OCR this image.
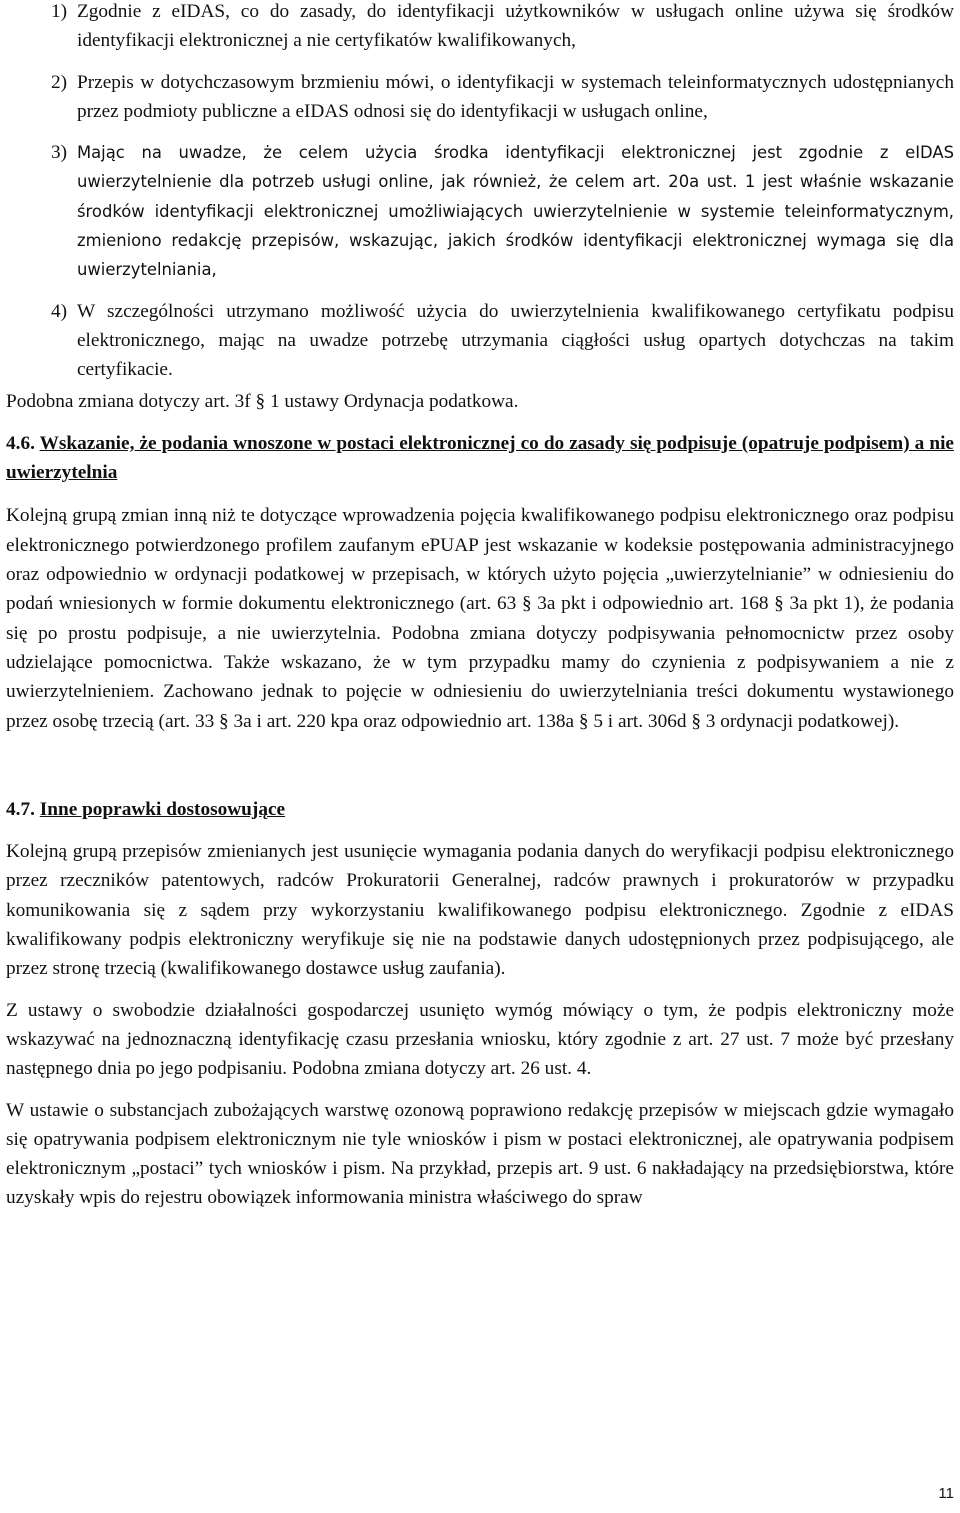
1) Zgodnie z eIDAS, co do zasady, do identyfikacji użytkowników w usługach online używa się środków identyfikacji elektronicznej a nie certyfikatów kwalifikowanych,
2) Przepis w dotychczasowym brzmieniu mówi, o identyfikacji w systemach teleinformatycznych udostępnianych przez podmioty publiczne a eIDAS odnosi się do identyfikacji w usługach online,
3) Mając na uwadze, że celem użycia środka identyfikacji elektronicznej jest zgodnie z eIDAS uwierzytelnienie dla potrzeb usługi online, jak również, że celem art. 20a ust. 1 jest właśnie wskazanie środków identyfikacji elektronicznej umożliwiających uwierzytelnienie w systemie teleinformatycznym, zmieniono redakcję przepisów, wskazując, jakich środków identyfikacji elektronicznej wymaga się dla uwierzytelniania,
4) W szczególności utrzymano możliwość użycia do uwierzytelnienia kwalifikowanego certyfikatu podpisu elektronicznego, mając na uwadze potrzebę utrzymania ciągłości usług opartych dotychczas na takim certyfikacie.

Podobna zmiana dotyczy art. 3f § 1 ustawy Ordynacja podatkowa.

4.6. Wskazanie, że podania wnoszone w postaci elektronicznej co do zasady się podpisuje (opatruje podpisem) a nie uwierzytelnia

Kolejną grupą zmian inną niż te dotyczące wprowadzenia pojęcia kwalifikowanego podpisu elektronicznego oraz podpisu elektronicznego potwierdzonego profilem zaufanym ePUAP jest wskazanie w kodeksie postępowania administracyjnego oraz odpowiednio w ordynacji podatkowej w przepisach, w których użyto pojęcia „uwierzytelnianie” w odniesieniu do podań wniesionych w formie dokumentu elektronicznego (art. 63 § 3a pkt i odpowiednio art. 168 § 3a pkt 1), że podania się po prostu podpisuje, a nie uwierzytelnia. Podobna zmiana dotyczy podpisywania pełnomocnictw przez osoby udzielające pomocnictwa. Także wskazano, że w tym przypadku mamy do czynienia z podpisywaniem a nie z uwierzytelnieniem. Zachowano jednak to pojęcie w odniesieniu do uwierzytelniania treści dokumentu wystawionego przez osobę trzecią (art. 33 § 3a i art. 220 kpa oraz odpowiednio art. 138a § 5 i art. 306d § 3 ordynacji podatkowej).

4.7. Inne poprawki dostosowujące

Kolejną grupą przepisów zmienianych jest usunięcie wymagania podania danych do weryfikacji podpisu elektronicznego przez rzeczników patentowych, radców Prokuratorii Generalnej, radców prawnych i prokuratorów w przypadku komunikowania się z sądem przy wykorzystaniu kwalifikowanego podpisu elektronicznego. Zgodnie z eIDAS kwalifikowany podpis elektroniczny weryfikuje się nie na podstawie danych udostępnionych przez podpisującego, ale przez stronę trzecią (kwalifikowanego dostawce usług zaufania).

Z ustawy o swobodzie działalności gospodarczej usunięto wymóg mówiący o tym, że podpis elektroniczny może wskazywać na jednoznaczną identyfikację czasu przesłania wniosku, który zgodnie z art. 27 ust. 7 może być przesłany następnego dnia po jego podpisaniu. Podobna zmiana dotyczy art. 26 ust. 4.

W ustawie o substancjach zubożających warstwę ozonową poprawiono redakcję przepisów w miejscach gdzie wymagało się opatrywania podpisem elektronicznym nie tyle wniosków i pism w postaci elektronicznej, ale opatrywania podpisem elektronicznym „postaci” tych wniosków i pism. Na przykład, przepis art. 9 ust. 6 nakładający na przedsiębiorstwa, które uzyskały wpis do rejestru obowiązek informowania ministra właściwego do spraw

11
